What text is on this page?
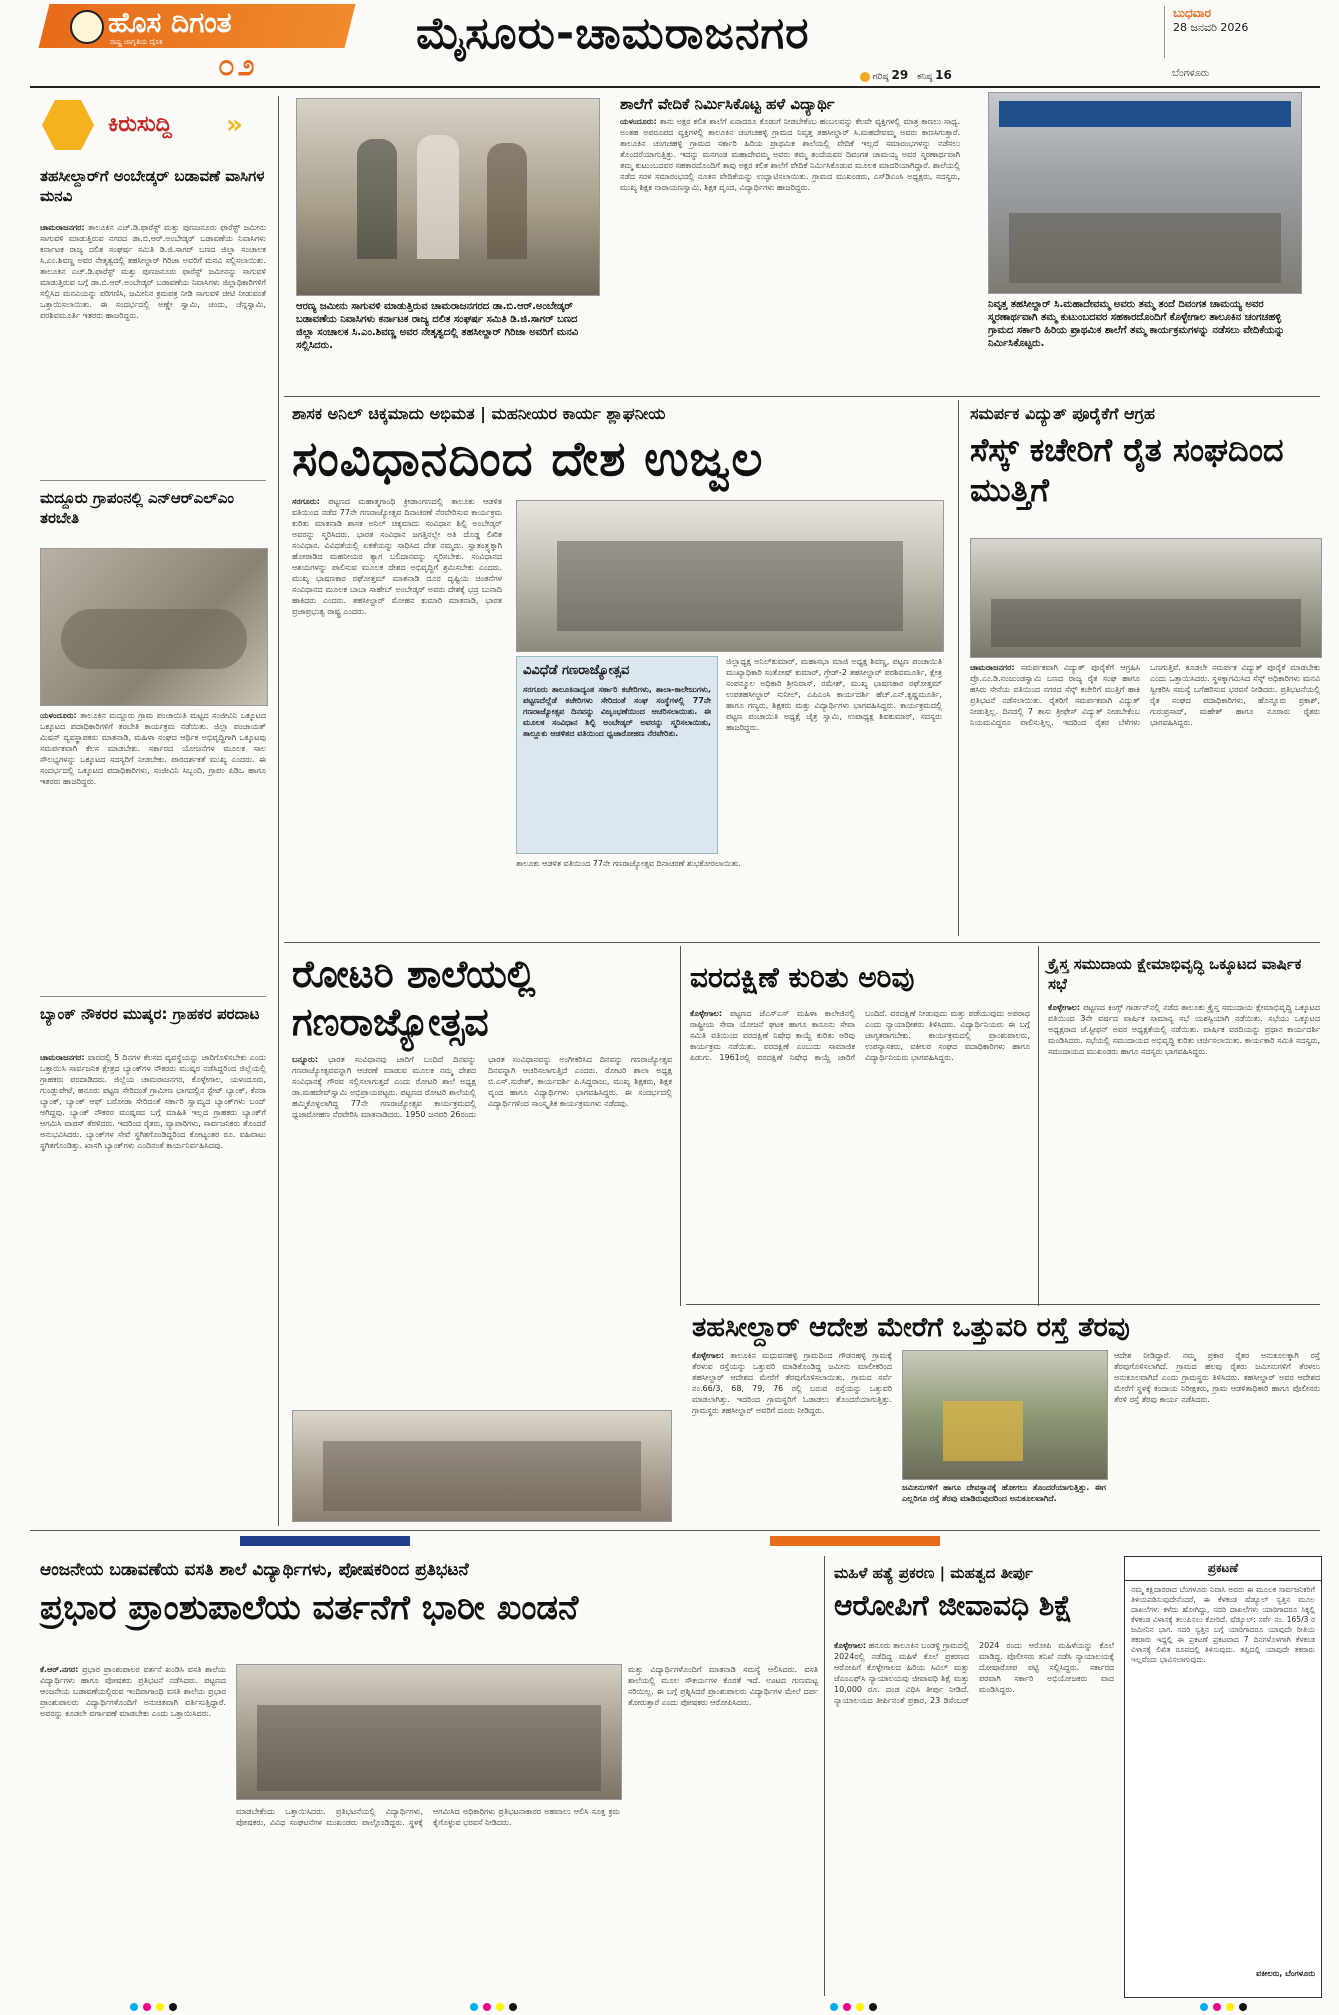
ಹೊಸ ದಿಗಂತ
ರಾಷ್ಟ್ರ ಜಾಗೃತಿಯ ದೈನಿಕ
೦೨
ಮೈಸೂರು-ಚಾಮರಾಜನಗರ
ಗರಿಷ್ಠ 29 ಕನಿಷ್ಠ 16
ಬುಧವಾರ
28 ಜನವರಿ 2026
ಬೆಂಗಳೂರು
ಕಿರುಸುದ್ದಿ »
ತಹಸೀಲ್ದಾರ್‌ಗೆ ಅಂಬೇಡ್ಕರ್ ಬಡಾವಣೆ ವಾಸಿಗಳ ಮನವಿ
ಚಾಮರಾಜನಗರ: ತಾಲೂಕಿನ ಎಚ್.ಡಿ.ಫಾರೆಸ್ಟ್ ಮತ್ತು ಪುಣಜನೂರು ಫಾರೆಸ್ಟ್ ಜಮೀನು ಸಾಗುವಳಿ ಮಾಡುತ್ತಿರುವ ನಗರದ ಡಾ.ಬಿ.ಆರ್.ಅಂಬೇಡ್ಕರ್ ಬಡಾವಣೆಯ ನಿವಾಸಿಗಳು ಕರ್ನಾಟಕ ರಾಜ್ಯ ದಲಿತ ಸಂಘರ್ಷ ಸಮಿತಿ ಡಿ.ಜಿ.ಸಾಗರ್ ಬಣದ ಜಿಲ್ಲಾ ಸಂಚಾಲಕ ಸಿ.ಎಂ.ಶಿವಣ್ಣ ಅವರ ನೇತೃತ್ವದಲ್ಲಿ ತಹಸೀಲ್ದಾರ್ ಗಿರಿಜಾ ಅವರಿಗೆ ಮನವಿ ಸಲ್ಲಿಸಲಾಯಿತು. ತಾಲೂಕಿನ ಎಚ್.ಡಿ.ಫಾರೆಸ್ಟ್ ಮತ್ತು ಪುಣಜನೂರು ಫಾರೆಸ್ಟ್ ಜಮೀನನ್ನು ಸಾಗುವಳಿ ಮಾಡುತ್ತಿರುವ ಬಗ್ಗೆ ಡಾ.ಬಿ.ಆರ್.ಅಂಬೇಡ್ಕರ್ ಬಡಾವಣೆಯ ನಿವಾಸಿಗಳು ಜಿಲ್ಲಾಧಿಕಾರಿಗಳಿಗೆ ಸಲ್ಲಿಸಿದ ಮನವಿಯನ್ನು ಪರಿಗಣಿಸಿ, ಜಮೀನಿನ ಕ್ರಮಪತ್ರ ನೀಡಿ ಸಾಗುವಳಿ ಚೀಟಿ ನೀಡುವಂತೆ ಒತ್ತಾಯಿಸಲಾಯಿತು. ಈ ಸಂದರ್ಭದಲ್ಲಿ ಅಣ್ಣೇ ಸ್ವಾಮಿ, ಚಂದು, ಚೆನ್ನಸ್ವಾಮಿ, ಪರಶಿವಮೂರ್ತಿ ಇತರರು ಹಾಜರಿದ್ದರು.
ಮದ್ದೂರು ಗ್ರಾಪಂನಲ್ಲಿ ಎನ್‌ಆರ್‌ಎಲ್‌ಎಂ ತರಬೇತಿ
ಯಳಂದೂರು: ತಾಲೂಕಿನ ಮದ್ದೂರು ಗ್ರಾಮ ಪಂಚಾಯಿತಿ ಮಟ್ಟದ ಸಂಜೀವಿನಿ ಒಕ್ಕೂಟದ ಒಕ್ಕೂಟದ ಪದಾಧಿಕಾರಿಗಳಿಗೆ ತರಬೇತಿ ಕಾರ್ಯಕ್ರಮ ನಡೆಯಿತು. ಜಿಲ್ಲಾ ಪಂಚಾಯತ್ ಮಿಷನ್ ವ್ಯವಸ್ಥಾಪಕರು ಮಾತನಾಡಿ, ಮಹಿಳಾ ಸಂಘದ ಆರ್ಥಿಕ ಅಭಿವೃದ್ಧಿಗಾಗಿ ಒಕ್ಕೂಟವು ಸಮರ್ಪಕವಾಗಿ ಕೆಲಸ ಮಾಡಬೇಕು. ಸರ್ಕಾರದ ಯೋಜನೆಗಳ ಮೂಲಕ ಸಾಲ ಸೌಲಭ್ಯಗಳನ್ನು ಒಕ್ಕೂಟದ ಸದಸ್ಯರಿಗೆ ನೀಡಬೇಕು. ಪಾರದರ್ಶಕತೆ ಮುಖ್ಯ ಎಂದರು. ಈ ಸಂದರ್ಭದಲ್ಲಿ ಒಕ್ಕೂಟದ ಪದಾಧಿಕಾರಿಗಳು, ಸಂಜೀವಿನಿ ಸಿಬ್ಬಂದಿ, ಗ್ರಾಪಂ ಪಿಡಿಒ ಹಾಗೂ ಇತರರು ಹಾಜರಿದ್ದರು.
ಬ್ಯಾಂಕ್ ನೌಕರರ ಮುಷ್ಕರ: ಗ್ರಾಹಕರ ಪರದಾಟ
ಚಾಮರಾಜನಗರ: ವಾರದಲ್ಲಿ 5 ದಿನಗಳ ಕೆಲಸದ ವ್ಯವಸ್ಥೆಯನ್ನು ಜಾರಿಗೊಳಿಸಬೇಕು ಎಂದು ಒತ್ತಾಯಿಸಿ ಸಾರ್ವಜನಿಕ ಕ್ಷೇತ್ರದ ಬ್ಯಾಂಕ್‌ಗಳ ನೌಕರರು ಮುಷ್ಕರ ನಡೆಸಿದ್ದರಿಂದ ಜಿಲ್ಲೆಯಲ್ಲಿ ಗ್ರಾಹಕರು ಪರದಾಡಿದರು. ಜಿಲ್ಲೆಯ ಚಾಮರಾಜನಗರ, ಕೊಳ್ಳೇಗಾಲ, ಯಳಂದೂರು, ಗುಂಡ್ಲುಪೇಟೆ, ಹನೂರು ಪಟ್ಟಣ ಸೇರಿದಂತೆ ಗ್ರಾಮೀಣ ಭಾಗದಲ್ಲಿನ ಸ್ಟೇಟ್ ಬ್ಯಾಂಕ್, ಕೆನರಾ ಬ್ಯಾಂಕ್, ಬ್ಯಾಂಕ್ ಆಫ್ ಬರೋಡಾ ಸೇರಿದಂತೆ ಸರ್ಕಾರಿ ಸ್ವಾಮ್ಯದ ಬ್ಯಾಂಕ್‌ಗಳು ಬಂದ್ ಆಗಿದ್ದವು. ಬ್ಯಾಂಕ್ ನೌಕರರ ಮುಷ್ಕರದ ಬಗ್ಗೆ ಮಾಹಿತಿ ಇಲ್ಲದ ಗ್ರಾಹಕರು ಬ್ಯಾಂಕ್‌ಗೆ ಆಗಮಿಸಿ ವಾಪಸ್ ತೆರಳಿದರು. ಇದರಿಂದ ರೈತರು, ವ್ಯಾಪಾರಿಗಳು, ಸಾರ್ವಜನಿಕರು ತೊಂದರೆ ಅನುಭವಿಸಿದರು. ಬ್ಯಾಂಕ್‌ಗಳ ಸೇವೆ ಸ್ಥಗಿತಗೊಂಡಿದ್ದರಿಂದ ಕೋಟ್ಯಂತರ ರೂ. ವಹಿವಾಟು ಸ್ಥಗಿತಗೊಂಡಿತ್ತು. ಖಾಸಗಿ ಬ್ಯಾಂಕ್‌ಗಳು ಎಂದಿನಂತೆ ಕಾರ್ಯನಿರ್ವಹಿಸಿದವು.
ಆರಣ್ಯ ಜಮೀನು ಸಾಗುವಳಿ ಮಾಡುತ್ತಿರುವ ಚಾಮರಾಜನಗರದ ಡಾ.ಬಿ.ಆರ್.ಅಂಬೇಡ್ಕರ್ ಬಡಾವಣೆಯ ನಿವಾಸಿಗಳು ಕರ್ನಾಟಕ ರಾಜ್ಯ ದಲಿತ ಸಂಘರ್ಷ ಸಮಿತಿ ಡಿ.ಜಿ.ಸಾಗರ್ ಬಣದ ಜಿಲ್ಲಾ ಸಂಚಾಲಕ ಸಿ.ಎಂ.ಶಿವಣ್ಣ ಅವರ ನೇತೃತ್ವದಲ್ಲಿ ತಹಸೀಲ್ದಾರ್ ಗಿರಿಜಾ ಅವರಿಗೆ ಮನವಿ ಸಲ್ಲಿಸಿದರು.
ಶಾಲೆಗೆ ವೇದಿಕೆ ನಿರ್ಮಿಸಿಕೊಟ್ಟ ಹಳೆ ವಿದ್ಯಾರ್ಥಿ
ಯಳಂದೂರು: ತಾನು ಅಕ್ಷರ ಕಲಿತ ಶಾಲೆಗೆ ಏನಾದರೂ ಕೊಡುಗೆ ನೀಡಬೇಕೆಂಬ ಹಂಬಲವನ್ನು ಕೆಲವೇ ವ್ಯಕ್ತಿಗಳಲ್ಲಿ ಮಾತ್ರ ಕಾಣಲು ಸಾಧ್ಯ. ಅಂತಹ ಅಪರೂಪದ ವ್ಯಕ್ತಿಗಳಲ್ಲಿ ತಾಲೂಕಿನ ಚಂಗಚಹಳ್ಳಿ ಗ್ರಾಮದ ನಿವೃತ್ತ ತಹಸೀಲ್ದಾರ್ ಸಿ.ಮಹದೇವಮ್ಮ ಅವರು ಕಾಣಸಿಗುತ್ತಾರೆ. ತಾಲೂಕಿನ ಚಂಗಚಹಳ್ಳಿ ಗ್ರಾಮದ ಸರ್ಕಾರಿ ಹಿರಿಯ ಪ್ರಾಥಮಿಕ ಶಾಲೆಯಲ್ಲಿ ವೇದಿಕೆ ಇಲ್ಲದೆ ಸಮಾರಂಭಗಳನ್ನು ನಡೆಸಲು ತೊಂದರೆಯಾಗುತ್ತಿತ್ತು. ಇದನ್ನು ಮನಗಂಡ ಮಹಾದೇವಮ್ಮ ಅವರು ತಮ್ಮ ತಂದೆಯವರ ದಿವಂಗತ ಚಾಮಯ್ಯ ಅವರ ಸ್ಮರಣಾರ್ಥವಾಗಿ ತಮ್ಮ ಕುಟುಂಬದವರ ಸಹಕಾರದೊಂದಿಗೆ ತಾವು ಅಕ್ಷರ ಕಲಿತ ಶಾಲೆಗೆ ವೇದಿಕೆ ನಿರ್ಮಿಸಿಕೊಡುವ ಮೂಲಕ ಮಾದರಿಯಾಗಿದ್ದಾರೆ. ಶಾಲೆಯಲ್ಲಿ ನಡೆದ ಸರಳ ಸಮಾರಂಭದಲ್ಲಿ ನೂತನ ವೇದಿಕೆಯನ್ನು ಉದ್ಘಾಟಿಸಲಾಯಿತು. ಗ್ರಾಮದ ಮುಖಂಡರು, ಎಸ್‌ಡಿಎಂಸಿ ಅಧ್ಯಕ್ಷರು, ಸದಸ್ಯರು, ಮುಖ್ಯ ಶಿಕ್ಷಕ ನಾರಾಯಣಸ್ವಾಮಿ, ಶಿಕ್ಷಕ ವೃಂದ, ವಿದ್ಯಾರ್ಥಿಗಳು ಹಾಜರಿದ್ದರು.
ನಿವೃತ್ತ ತಹಸೀಲ್ದಾರ್ ಸಿ.ಮಹಾದೇವಮ್ಮ ಅವರು ತಮ್ಮ ತಂದೆ ದಿವಂಗತ ಚಾಮಯ್ಯ ಅವರ ಸ್ಮರಣಾರ್ಥವಾಗಿ ತಮ್ಮ ಕುಟುಂಬದವರ ಸಹಕಾರದೊಂದಿಗೆ ಕೊಳ್ಳೇಗಾಲ ತಾಲೂಕಿನ ಚಂಗಚಹಳ್ಳಿ ಗ್ರಾಮದ ಸರ್ಕಾರಿ ಹಿರಿಯ ಪ್ರಾಥಮಿಕ ಶಾಲೆಗೆ ತಮ್ಮ ಕಾರ್ಯಕ್ರಮಗಳನ್ನು ನಡೆಸಲು ವೇದಿಕೆಯನ್ನು ನಿರ್ಮಿಸಿಕೊಟ್ಟರು.
ಶಾಸಕ ಅನಿಲ್ ಚಿಕ್ಕಮಾದು ಅಭಿಮತ | ಮಹನೀಯರ ಕಾರ್ಯ ಶ್ಲಾಘನೀಯ
ಸಂವಿಧಾನದಿಂದ ದೇಶ ಉಜ್ವಲ
ಸರಗೂರು: ಪಟ್ಟಣದ ಮಹಾತ್ಮಗಾಂಧಿ ಕ್ರೀಡಾಂಗಣದಲ್ಲಿ ತಾಲೂಕು ಆಡಳಿತ ವತಿಯಿಂದ ನಡೆದ 77ನೇ ಗಣರಾಜ್ಯೋತ್ಸವ ದಿನಾಚರಣೆ ನೆರವೇರಿಸುವ ಕಾರ್ಯಕ್ರಮ ಕುರಿತು ಮಾತನಾಡಿ ಶಾಸಕ ಅನಿಲ್ ಚಿಕ್ಕಮಾದು ಸಂವಿಧಾನ ಶಿಲ್ಪಿ ಅಂಬೇಡ್ಕರ್ ಅವರನ್ನು ಸ್ಮರಿಸಿದರು. ಭಾರತ ಸಂವಿಧಾನ ಜಗತ್ತಿನಲ್ಲೇ ಅತಿ ದೊಡ್ಡ ಲಿಖಿತ ಸಂವಿಧಾನ. ವಿವಿಧತೆಯಲ್ಲಿ ಏಕತೆಯನ್ನು ಸಾಧಿಸಿದ ದೇಶ ನಮ್ಮದು. ಸ್ವಾತಂತ್ರ್ಯಕ್ಕಾಗಿ ಹೋರಾಡಿದ ಮಹನೀಯರ ತ್ಯಾಗ ಬಲಿದಾನವನ್ನು ಸ್ಮರಿಸಬೇಕು. ಸಂವಿಧಾನದ ಆಶಯಗಳನ್ನು ಪಾಲಿಸುವ ಮೂಲಕ ದೇಶದ ಅಭಿವೃದ್ಧಿಗೆ ಶ್ರಮಿಸಬೇಕು ಎಂದರು. ಮುಖ್ಯ ಭಾಷಣಕಾರ ರಘೋತ್ತಮ್ ಮಾತನಾಡಿ ದೂರ ದೃಷ್ಟಿಯ ಚಿಂತನೆಗಳ ಸಂವಿಧಾನದ ಮೂಲಕ ಬಾಬಾ ಸಾಹೇಬ್ ಅಂಬೇಡ್ಕರ್ ಅವರು ದೇಶಕ್ಕೆ ಭದ್ರ ಬುನಾದಿ ಹಾಕಿದರು ಎಂದರು. ತಹಸೀಲ್ದಾರ್ ಮೋಹನ ಕುಮಾರಿ ಮಾತನಾಡಿ, ಭಾರತ ಪ್ರಜಾಪ್ರಭುತ್ವ ರಾಷ್ಟ್ರ ಎಂದರು.
ವಿವಿಧೆಡೆ ಗಣರಾಜ್ಯೋತ್ಸವ
ಸರಗೂರು ತಾಲೂಕಿನಾದ್ಯಂತ ಸರ್ಕಾರಿ ಕಚೇರಿಗಳು, ಶಾಲಾ-ಕಾಲೇಜುಗಳು, ಪಟ್ಟಣದೆಲ್ಲೆಡೆ ಕಚೇರಿಗಳು ಸೇರಿದಂತೆ ಸಂಘ ಸಂಸ್ಥೆಗಳಲ್ಲಿ 77ನೇ ಗಣರಾಜ್ಯೋತ್ಸವ ದಿನವನ್ನು ವಿಜೃಂಭಣೆಯಿಂದ ಆಚರಿಸಲಾಯಿತು. ಈ ಮೂಲಕ ಸಂವಿಧಾನ ಶಿಲ್ಪಿ ಅಂಬೇಡ್ಕರ್ ಅವರನ್ನು ಸ್ಮರಿಸಲಾಯಿತು, ತಾಲ್ಲೂಕು ಆಡಳಿತದ ವತಿಯಿಂದ ಧ್ವಜಾರೋಹಣ ನೆರವೇರಿತು.
ಜಿಲ್ಲಾಧ್ಯಕ್ಷ ಅನಿಲ್‌ಕುಮಾರ್, ಮಹಾಸಭಾ ಮಾಜಿ ಅಧ್ಯಕ್ಷ ಶಿವಣ್ಣ, ಪಟ್ಟಣ ಪಂಚಾಯಿತಿ ಮುಖ್ಯಾಧಿಕಾರಿ ಸಂತೋಷ್ ಕುಮಾರ್, ಗ್ರೇಡ್-2 ತಹಸೀಲ್ದಾರ್ ಪರಶಿವಮೂರ್ತಿ, ಕ್ಷೇತ್ರ ಸಂಪನ್ಮೂಲ ಅಧಿಕಾರಿ ಶ್ರೀನಿವಾಸ್, ರಮೇಶ್, ಮುಖ್ಯ ಭಾಷಣಕಾರ ರಘೋತ್ತಮ್ ಉಪತಹಸೀಲ್ದಾರ್ ಸುನೀಲ್, ಎಪಿಎಂಸಿ ಕಾರ್ಯದರ್ಶಿ ಹೆಚ್.ಎನ್.ಕೃಷ್ಣಮೂರ್ತಿ, ಹಾಗೂ ಗಣ್ಯರು, ಶಿಕ್ಷಕರು ಮತ್ತು ವಿದ್ಯಾರ್ಥಿಗಳು ಭಾಗವಹಿಸಿದ್ದರು. ಕಾರ್ಯಕ್ರಮದಲ್ಲಿ ಪಟ್ಟಣ ಪಂಚಾಯಿತಿ ಅಧ್ಯಕ್ಷೆ ಚೈತ್ರ ಸ್ವಾಮಿ, ಉಪಾಧ್ಯಕ್ಷ ಶಿವಕುಮಾರ್, ಸದಸ್ಯರು ಹಾಜರಿದ್ದರು.
ತಾಲೂಕು ಆಡಳಿತ ವತಿಯಿಂದ 77ನೇ ಗಣರಾಜ್ಯೋತ್ಸವ ದಿನಾಚರಣೆ ಶುಭಕೋರಲಾಯಿತು.
ಸಮರ್ಪಕ ವಿದ್ಯುತ್ ಪೂರೈಕೆಗೆ ಆಗ್ರಹ
ಸೆಸ್ಕ್ ಕಚೇರಿಗೆ ರೈತ ಸಂಘದಿಂದ ಮುತ್ತಿಗೆ
ಚಾಮರಾಜನಗರ: ಸಮರ್ಪಕವಾಗಿ ವಿದ್ಯುತ್ ಪೂರೈಕೆಗೆ ಆಗ್ರಹಿಸಿ ಪ್ರೊ.ಎಂ.ಡಿ.ನಂಜುಂಡಸ್ವಾಮಿ ಬಣದ ರಾಜ್ಯ ರೈತ ಸಂಘ ಹಾಗೂ ಹಸಿರು ಸೇನೆಯ ವತಿಯಿಂದ ನಗರದ ಸೆಸ್ಕ್ ಕಚೇರಿಗೆ ಮುತ್ತಿಗೆ ಹಾಕಿ ಪ್ರತಿಭಟನೆ ನಡೆಸಲಾಯಿತು. ರೈತರಿಗೆ ಸಮರ್ಪಕವಾಗಿ ವಿದ್ಯುತ್ ನೀಡುತ್ತಿಲ್ಲ. ದಿನದಲ್ಲಿ 7 ತಾಸು ತ್ರೀಫೇಸ್ ವಿದ್ಯುತ್ ನೀಡಬೇಕೆಂಬ ನಿಯಮವಿದ್ದರೂ ಪಾಲಿಸುತ್ತಿಲ್ಲ. ಇದರಿಂದ ರೈತರ ಬೆಳೆಗಳು ಒಣಗುತ್ತಿವೆ. ಕೂಡಲೇ ಸಮರ್ಪಕ ವಿದ್ಯುತ್ ಪೂರೈಕೆ ಮಾಡಬೇಕು ಎಂದು ಒತ್ತಾಯಿಸಿದರು. ಸ್ಥಳಕ್ಕಾಗಮಿಸಿದ ಸೆಸ್ಕ್ ಅಧಿಕಾರಿಗಳು ಮನವಿ ಸ್ವೀಕರಿಸಿ ಸಮಸ್ಯೆ ಬಗೆಹರಿಸುವ ಭರವಸೆ ನೀಡಿದರು. ಪ್ರತಿಭಟನೆಯಲ್ಲಿ ರೈತ ಸಂಘದ ಪದಾಧಿಕಾರಿಗಳು, ಹೊನ್ನೂರು ಪ್ರಕಾಶ್, ಗುರುಪ್ರಸಾದ್, ಮಹೇಶ್ ಹಾಗೂ ನೂರಾರು ರೈತರು ಭಾಗವಹಿಸಿದ್ದರು.
ರೋಟರಿ ಶಾಲೆಯಲ್ಲಿ ಗಣರಾಜ್ಯೋತ್ಸವ
ಬನ್ನೂರು: ಭಾರತ ಸಂವಿಧಾನವು ಜಾರಿಗೆ ಬಂದಿದೆ ದಿನವನ್ನು ಗಣರಾಜ್ಯೋತ್ಸವವನ್ನಾಗಿ ಆಚರಣೆ ಮಾಡುವ ಮೂಲಕ ನಮ್ಮ ದೇಶದ ಸಂವಿಧಾನಕ್ಕೆ ಗೌರವ ಸಲ್ಲಿಸಲಾಗುತ್ತದೆ ಎಂದು ರೋಟರಿ ಶಾಲೆ ಅಧ್ಯಕ್ಷ ಡಾ.ಮಹದೇವ್‌ಸ್ವಾಮಿ ಅಭಿಪ್ರಾಯಪಟ್ಟರು. ಪಟ್ಟಣದ ರೋಟರಿ ಶಾಲೆಯಲ್ಲಿ ಹಮ್ಮಿಕೊಳ್ಳಲಾಗಿದ್ದ 77ನೇ ಗಣರಾಜ್ಯೋತ್ಸವ ಕಾರ್ಯಕ್ರಮದಲ್ಲಿ ಧ್ವಜಾರೋಹಣ ನೆರವೇರಿಸಿ ಮಾತನಾಡಿದರು. 1950 ಜನವರಿ 26ರಂದು ಭಾರತ ಸಂವಿಧಾನವನ್ನು ಅಂಗೀಕರಿಸಿದ ದಿನವನ್ನು ಗಣರಾಜ್ಯೋತ್ಸವ ದಿನವನ್ನಾಗಿ ಆಚರಿಸಲಾಗುತ್ತಿದೆ ಎಂದರು. ರೋಟರಿ ಶಾಲಾ ಅಧ್ಯಕ್ಷ ಬಿ.ಎಸ್.ಸುರೇಶ್, ಕಾರ್ಯದರ್ಶಿ ಪಿ.ಸಿದ್ದರಾಜು, ಮುಖ್ಯ ಶಿಕ್ಷಕರು, ಶಿಕ್ಷಕ ವೃಂದ ಹಾಗೂ ವಿದ್ಯಾರ್ಥಿಗಳು ಭಾಗವಹಿಸಿದ್ದರು. ಈ ಸಂದರ್ಭದಲ್ಲಿ ವಿದ್ಯಾರ್ಥಿಗಳಿಂದ ಸಾಂಸ್ಕೃತಿಕ ಕಾರ್ಯಕ್ರಮಗಳು ನಡೆದವು.
ವರದಕ್ಷಿಣೆ ಕುರಿತು ಅರಿವು
ಕೊಳ್ಳೇಗಾಲ: ಪಟ್ಟಣದ ಜೆಎಸ್‌ಎಸ್ ಮಹಿಳಾ ಕಾಲೇಜಿನಲ್ಲಿ ರಾಷ್ಟ್ರೀಯ ಸೇವಾ ಯೋಜನೆ ಘಟಕ ಹಾಗೂ ಕಾನೂನು ಸೇವಾ ಸಮಿತಿ ವತಿಯಿಂದ ವರದಕ್ಷಿಣೆ ನಿಷೇಧ ಕಾಯ್ದೆ ಕುರಿತು ಅರಿವು ಕಾರ್ಯಕ್ರಮ ನಡೆಯಿತು. ವರದಕ್ಷಿಣೆ ಎಂಬುದು ಸಾಮಾಜಿಕ ಪಿಡುಗು. 1961ರಲ್ಲಿ ವರದಕ್ಷಿಣೆ ನಿಷೇಧ ಕಾಯ್ದೆ ಜಾರಿಗೆ ಬಂದಿದೆ. ವರದಕ್ಷಿಣೆ ನೀಡುವುದು ಮತ್ತು ಪಡೆಯುವುದು ಅಪರಾಧ ಎಂದು ನ್ಯಾಯಾಧೀಶರು ತಿಳಿಸಿದರು. ವಿದ್ಯಾರ್ಥಿನಿಯರು ಈ ಬಗ್ಗೆ ಜಾಗೃತರಾಗಬೇಕು. ಕಾರ್ಯಕ್ರಮದಲ್ಲಿ ಪ್ರಾಂಶುಪಾಲರು, ಉಪನ್ಯಾಸಕರು, ವಕೀಲರ ಸಂಘದ ಪದಾಧಿಕಾರಿಗಳು ಹಾಗೂ ವಿದ್ಯಾರ್ಥಿನಿಯರು ಭಾಗವಹಿಸಿದ್ದರು.
ಕ್ರೈಸ್ತ ಸಮುದಾಯ ಕ್ಷೇಮಾಭಿವೃದ್ಧಿ ಒಕ್ಕೂಟದ ವಾರ್ಷಿಕ ಸಭೆ
ಕೊಳ್ಳೇಗಾಲ: ಪಟ್ಟಣದ ಕಿಂಗ್ಸ್ ಗಾರ್ಡನ್‌ನಲ್ಲಿ ನಡೆದ ತಾಲೂಕು ಕ್ರೈಸ್ತ ಸಮುದಾಯ ಕ್ಷೇಮಾಭಿವೃದ್ಧಿ ಒಕ್ಕೂಟದ ವತಿಯಿಂದ 3ನೇ ವರ್ಷದ ವಾರ್ಷಿಕ ಸಾಮಾನ್ಯ ಸಭೆ ಯಶಸ್ವಿಯಾಗಿ ನಡೆಯಿತು. ಸಭೆಯು ಒಕ್ಕೂಟದ ಅಧ್ಯಕ್ಷರಾದ ಜೆ.ಸ್ಟೀಫನ್ ಅವರ ಅಧ್ಯಕ್ಷತೆಯಲ್ಲಿ ನಡೆಯಿತು. ವಾರ್ಷಿಕ ವರದಿಯನ್ನು ಪ್ರಧಾನ ಕಾರ್ಯದರ್ಶಿ ಮಂಡಿಸಿದರು. ಸಭೆಯಲ್ಲಿ ಸಮುದಾಯದ ಅಭಿವೃದ್ಧಿ ಕುರಿತು ಚರ್ಚಿಸಲಾಯಿತು. ಕಾರ್ಯಕಾರಿ ಸಮಿತಿ ಸದಸ್ಯರು, ಸಮುದಾಯದ ಮುಖಂಡರು ಹಾಗೂ ಸದಸ್ಯರು ಭಾಗವಹಿಸಿದ್ದರು.
ತಹಸೀಲ್ದಾರ್ ಆದೇಶ ಮೇರೆಗೆ ಒತ್ತುವರಿ ರಸ್ತೆ ತೆರವು
ಕೊಳ್ಳೇಗಾಲ: ತಾಲೂಕಿನ ಮಧುವನಹಳ್ಳಿ ಗ್ರಾಮದಿಂದ ಗೌಡನಹಳ್ಳಿ ಗ್ರಾಮಕ್ಕೆ ತೆರಳುವ ರಸ್ತೆಯನ್ನು ಒತ್ತುವರಿ ಮಾಡಿಕೊಂಡಿದ್ದ ಜಮೀನು ಮಾಲೀಕರಿಂದ ತಹಸೀಲ್ದಾರ್ ಆದೇಶದ ಮೇರೆಗೆ ತೆರವುಗೊಳಿಸಲಾಯಿತು. ಗ್ರಾಮದ ಸರ್ವೆ ನಂ.66/3, 68, 79, 76 ರಲ್ಲಿ ಬರುವ ರಸ್ತೆಯನ್ನು ಒತ್ತುವರಿ ಮಾಡಲಾಗಿತ್ತು. ಇದರಿಂದ ಗ್ರಾಮಸ್ಥರಿಗೆ ಓಡಾಡಲು ತೊಂದರೆಯಾಗುತ್ತಿತ್ತು. ಗ್ರಾಮಸ್ಥರು ತಹಸೀಲ್ದಾರ್ ಅವರಿಗೆ ದೂರು ನೀಡಿದ್ದರು.
ಜಮೀನುಗಳಿಗೆ ಹಾಗೂ ದೇವಸ್ಥಾನಕ್ಕೆ ಹೋಗಲು ತೊಂದರೆಯಾಗುತ್ತಿತ್ತು. ಈಗ ಎಲ್ಲರಿಗೂ ರಸ್ತೆ ತೆರವು ಮಾಡಿರುವುದರಿಂದ ಅನುಕೂಲವಾಗಿದೆ.
ಆದೇಶ ನೀಡಿದ್ದಾರೆ. ನಮ್ಮ ಪ್ರಕಾರ ರೈತರ ಅನುಕೂಲಕ್ಕಾಗಿ ರಸ್ತೆ ತೆರವುಗೊಳಿಸಲಾಗಿದೆ. ಗ್ರಾಮದ ಹಲವು ರೈತರು ಜಮೀನುಗಳಿಗೆ ತೆರಳಲು ಅನುಕೂಲವಾಗಿದೆ ಎಂದು ಗ್ರಾಮಸ್ಥರು ತಿಳಿಸಿದರು. ತಹಸೀಲ್ದಾರ್ ಅವರ ಆದೇಶದ ಮೇರೆಗೆ ಸ್ಥಳಕ್ಕೆ ಕಂದಾಯ ನಿರೀಕ್ಷಕರು, ಗ್ರಾಮ ಆಡಳಿತಾಧಿಕಾರಿ ಹಾಗೂ ಪೊಲೀಸರು ತೆರಳಿ ರಸ್ತೆ ತೆರವು ಕಾರ್ಯ ನಡೆಸಿದರು.
ಆಂಜನೇಯ ಬಡಾವಣೆಯ ವಸತಿ ಶಾಲೆ ವಿದ್ಯಾರ್ಥಿಗಳು, ಪೋಷಕರಿಂದ ಪ್ರತಿಭಟನೆ
ಪ್ರಭಾರ ಪ್ರಾಂಶುಪಾಲೆಯ ವರ್ತನೆಗೆ ಭಾರೀ ಖಂಡನೆ
ಕೆ.ಆರ್.ನಗರ: ಪ್ರಭಾರ ಪ್ರಾಂಶುಪಾಲರ ವರ್ತನೆ ಖಂಡಿಸಿ ವಸತಿ ಶಾಲೆಯ ವಿದ್ಯಾರ್ಥಿಗಳು ಹಾಗೂ ಪೋಷಕರು ಪ್ರತಿಭಟನೆ ನಡೆಸಿದರು. ಪಟ್ಟಣದ ಆಂಜನೇಯ ಬಡಾವಣೆಯಲ್ಲಿರುವ ಇಂದಿರಾಗಾಂಧಿ ವಸತಿ ಶಾಲೆಯ ಪ್ರಭಾರ ಪ್ರಾಂಶುಪಾಲರು ವಿದ್ಯಾರ್ಥಿಗಳೊಂದಿಗೆ ಅನುಚಿತವಾಗಿ ವರ್ತಿಸುತ್ತಿದ್ದಾರೆ. ಅವರನ್ನು ಕೂಡಲೇ ವರ್ಗಾವಣೆ ಮಾಡಬೇಕು ಎಂದು ಒತ್ತಾಯಿಸಿದರು.
ಮಾಡಬೇಕೆಂದು ಒತ್ತಾಯಿಸಿದರು. ಪ್ರತಿಭಟನೆಯಲ್ಲಿ ವಿದ್ಯಾರ್ಥಿಗಳು, ಪೋಷಕರು, ವಿವಿಧ ಸಂಘಟನೆಗಳ ಮುಖಂಡರು ಪಾಲ್ಗೊಂಡಿದ್ದರು. ಸ್ಥಳಕ್ಕೆ ಆಗಮಿಸಿದ ಅಧಿಕಾರಿಗಳು ಪ್ರತಿಭಟನಾಕಾರರ ಅಹವಾಲು ಆಲಿಸಿ ಸೂಕ್ತ ಕ್ರಮ ಕೈಗೊಳ್ಳುವ ಭರವಸೆ ನೀಡಿದರು.
ಮತ್ತು ವಿದ್ಯಾರ್ಥಿಗಳೊಂದಿಗೆ ಮಾತನಾಡಿ ಸಮಸ್ಯೆ ಆಲಿಸಿದರು. ವಸತಿ ಶಾಲೆಯಲ್ಲಿ ಮೂಲ ಸೌಕರ್ಯಗಳ ಕೊರತೆ ಇದೆ. ಊಟದ ಗುಣಮಟ್ಟ ಸರಿಯಿಲ್ಲ. ಈ ಬಗ್ಗೆ ಪ್ರಶ್ನಿಸಿದರೆ ಪ್ರಾಂಶುಪಾಲರು ವಿದ್ಯಾರ್ಥಿಗಳ ಮೇಲೆ ದರ್ಪ ತೋರುತ್ತಾರೆ ಎಂದು ಪೋಷಕರು ಆರೋಪಿಸಿದರು.
ಮಹಿಳೆ ಹತ್ಯೆ ಪ್ರಕರಣ | ಮಹತ್ವದ ತೀರ್ಪು
ಆರೋಪಿಗೆ ಜೀವಾವಧಿ ಶಿಕ್ಷೆ
ಕೊಳ್ಳೇಗಾಲ: ಹನೂರು ತಾಲೂಕಿನ ಬಂಡಳ್ಳಿ ಗ್ರಾಮದಲ್ಲಿ 2024ರಲ್ಲಿ ನಡೆದಿದ್ದ ಮಹಿಳೆ ಕೊಲೆ ಪ್ರಕರಣದ ಆರೋಪಿಗೆ ಕೊಳ್ಳೇಗಾಲದ ಹಿರಿಯ ಸಿವಿಲ್ ಮತ್ತು ಜೆಎಂಎಫ್‌ಸಿ ನ್ಯಾಯಾಲಯವು ಜೀವಾವಧಿ ಶಿಕ್ಷೆ ಮತ್ತು 10,000 ರೂ. ದಂಡ ವಿಧಿಸಿ ತೀರ್ಪು ನೀಡಿದೆ. ನ್ಯಾಯಾಲಯದ ತೀರ್ಪಿನಂತೆ ಪ್ರಕಾರ, 23 ಡಿಸೆಂಬರ್ 2024 ರಂದು ಆರೋಪಿ ಮಹಿಳೆಯನ್ನು ಕೊಲೆ ಮಾಡಿದ್ದ. ಪೊಲೀಸರು ತನಿಖೆ ನಡೆಸಿ ನ್ಯಾಯಾಲಯಕ್ಕೆ ದೋಷಾರೋಪ ಪಟ್ಟಿ ಸಲ್ಲಿಸಿದ್ದರು. ಸರ್ಕಾರದ ಪರವಾಗಿ ಸರ್ಕಾರಿ ಅಭಿಯೋಜಕರು ವಾದ ಮಂಡಿಸಿದ್ದರು.
ಪ್ರಕಟಣೆ
ನಮ್ಮ ಕಕ್ಷಿದಾರರಾದ ಬೆಂಗಳೂರು ನಿವಾಸಿ ಅವರು ಈ ಮೂಲಕ ಸಾರ್ವಜನಿಕರಿಗೆ ತಿಳಿಯಪಡಿಸುವುದೇನೆಂದರೆ, ಈ ಕೆಳಕಂಡ ಷೆಡ್ಯೂಲ್ ಸ್ವತ್ತಿನ ಮೂಲ ದಾಖಲೆಗಳು ಕಳೆದು ಹೋಗಿದ್ದು, ಸದರಿ ದಾಖಲೆಗಳು ಯಾರಿಗಾದರೂ ಸಿಕ್ಕಲ್ಲಿ ಕೆಳಕಂಡ ವಿಳಾಸಕ್ಕೆ ತಲುಪಿಸಲು ಕೋರಿದೆ. ಷೆಡ್ಯೂಲ್: ಸರ್ವೆ ನಂ. 165/3 ರ ಜಮೀನಿನ ಭಾಗ. ಸದರಿ ಸ್ವತ್ತಿನ ಬಗ್ಗೆ ಯಾರಿಗಾದರೂ ಯಾವುದೇ ರೀತಿಯ ತಕರಾರು ಇದ್ದಲ್ಲಿ ಈ ಪ್ರಕಟಣೆ ಪ್ರಕಟವಾದ 7 ದಿನಗಳೊಳಗಾಗಿ ಕೆಳಕಂಡ ವಿಳಾಸಕ್ಕೆ ಲಿಖಿತ ರೂಪದಲ್ಲಿ ತಿಳಿಸುವುದು. ತಪ್ಪಿದಲ್ಲಿ ಯಾವುದೇ ತಕರಾರು ಇಲ್ಲವೆಂದು ಭಾವಿಸಲಾಗುವುದು.
ವಕೀಲರು, ಬೆಂಗಳೂರು
